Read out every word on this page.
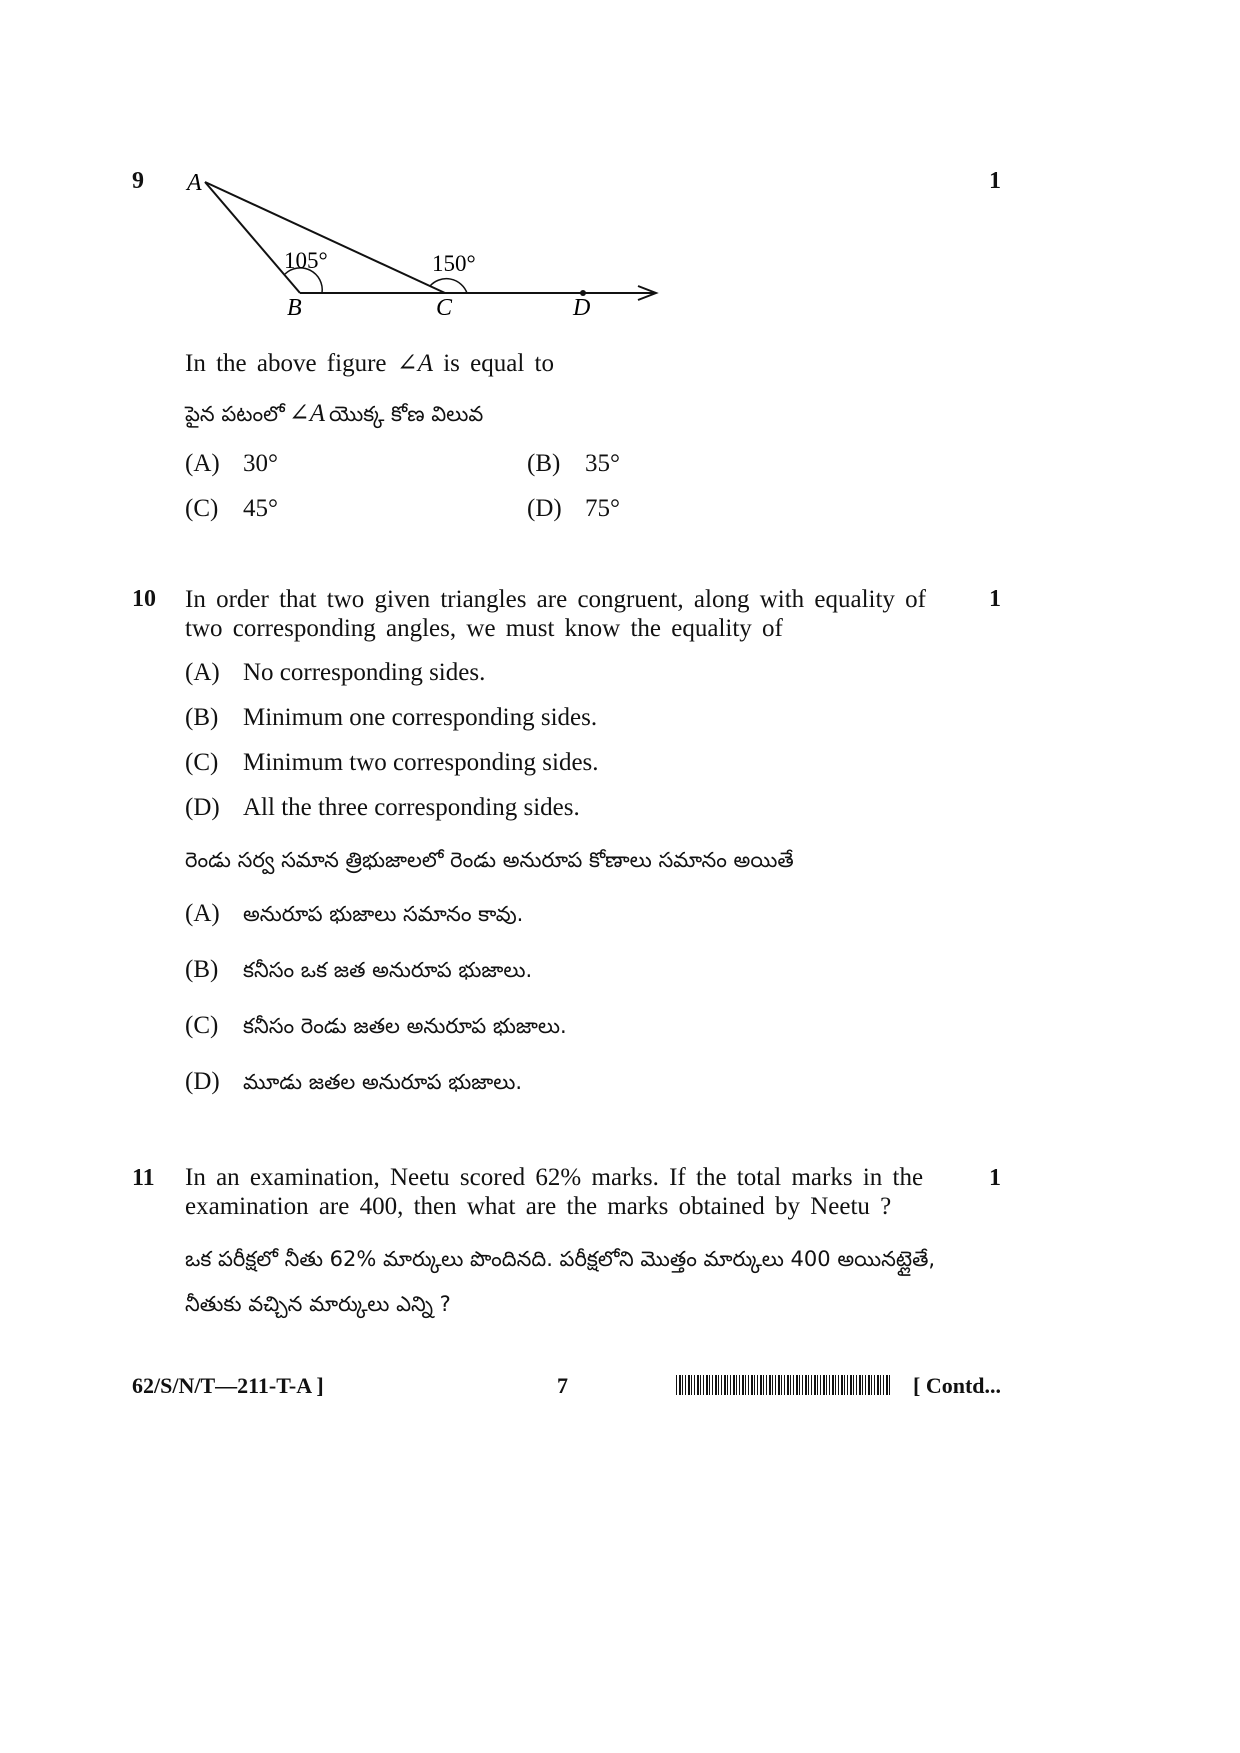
9	1
A
B	C	D
105°	150°
In the above figure ∠A is equal to
పైన పటంలో ∠A యొక్క కోణ విలువ
(A) 30°	(B) 35°
(C) 45°	(D) 75°
10	1
In order that two given triangles are congruent, along with equality of
two corresponding angles, we must know the equality of
(A) No corresponding sides.
(B) Minimum one corresponding sides.
(C) Minimum two corresponding sides.
(D) All the three corresponding sides.
రెండు సర్వ సమాన త్రిభుజాలలో రెండు అనురూప కోణాలు సమానం అయితే
(A) అనురూప భుజాలు సమానం కావు.
(B) కనీసం ఒక జత అనురూప భుజాలు.
(C) కనీసం రెండు జతల అనురూప భుజాలు.
(D) మూడు జతల అనురూప భుజాలు.
11	1
In an examination, Neetu scored 62% marks. If the total marks in the
examination are 400, then what are the marks obtained by Neetu ?
ఒక పరీక్షలో నీతు 62% మార్కులు పొందినది. పరీక్షలోని మొత్తం మార్కులు 400 అయినట్లైతే,
నీతుకు వచ్చిన మార్కులు ఎన్ని ?
62/S/N/T—211-T-A ]	7	[ Contd...
